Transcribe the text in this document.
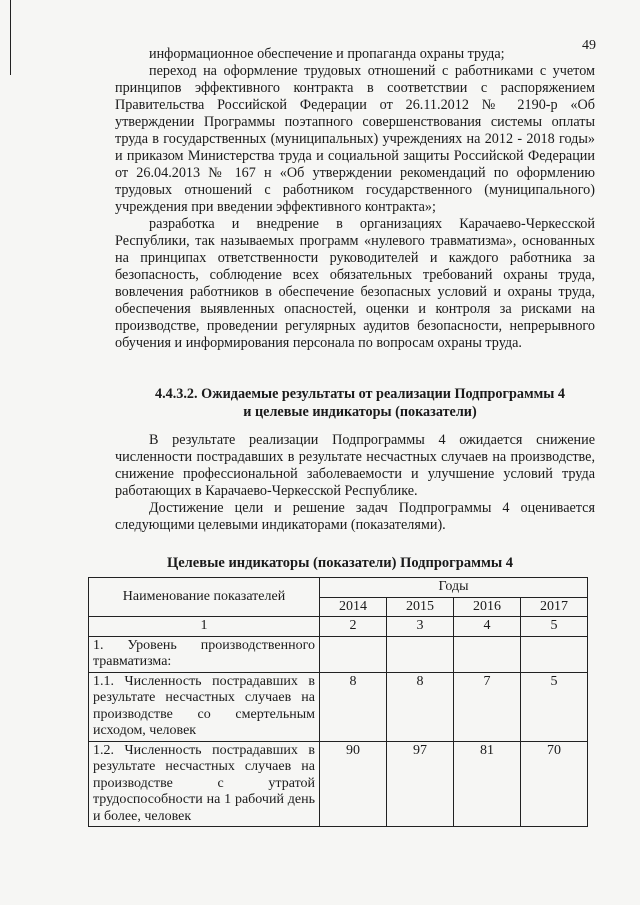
49

информационное обеспечение и пропаганда охраны труда;

переход на оформление трудовых отношений с работниками с учетом принципов эффективного контракта в соответствии с распоряжением Правительства Российской Федерации от 26.11.2012 № 2190-р «Об утверждении Программы поэтапного совершенствования системы оплаты труда в государственных (муниципальных) учреждениях на 2012 - 2018 годы» и приказом Министерства труда и социальной защиты Российской Федерации от 26.04.2013 № 167 н «Об утверждении рекомендаций по оформлению трудовых отношений с работником государственного (муниципального) учреждения при введении эффективного контракта»;

разработка и внедрение в организациях Карачаево-Черкесской Республики, так называемых программ «нулевого травматизма», основанных на принципах ответственности руководителей и каждого работника за безопасность, соблюдение всех обязательных требований охраны труда, вовлечения работников в обеспечение безопасных условий и охраны труда, обеспечения выявленных опасностей, оценки и контроля за рисками на производстве, проведении регулярных аудитов безопасности, непрерывного обучения и информирования персонала по вопросам охраны труда.

4.4.3.2. Ожидаемые результаты от реализации Подпрограммы 4
и целевые индикаторы (показатели)

В результате реализации Подпрограммы 4 ожидается снижение численности пострадавших в результате несчастных случаев на производстве, снижение профессиональной заболеваемости и улучшение условий труда работающих в Карачаево-Черкесской Республике.

Достижение цели и решение задач Подпрограммы 4 оценивается следующими целевыми индикаторами (показателями).

Целевые индикаторы (показатели) Подпрограммы 4
Наименование показателей	Годы			
	2014	2015	2016	2017
1	2	3	4	5
1. Уровень производственного травматизма:				
1.1. Численность пострадавших в результате несчастных случаев на производстве со смертельным исходом, человек	8	8	7	5
1.2. Численность пострадавших в результате несчастных случаев на производстве с утратой трудоспособности на 1 рабочий день и более, человек	90	97	81	70
